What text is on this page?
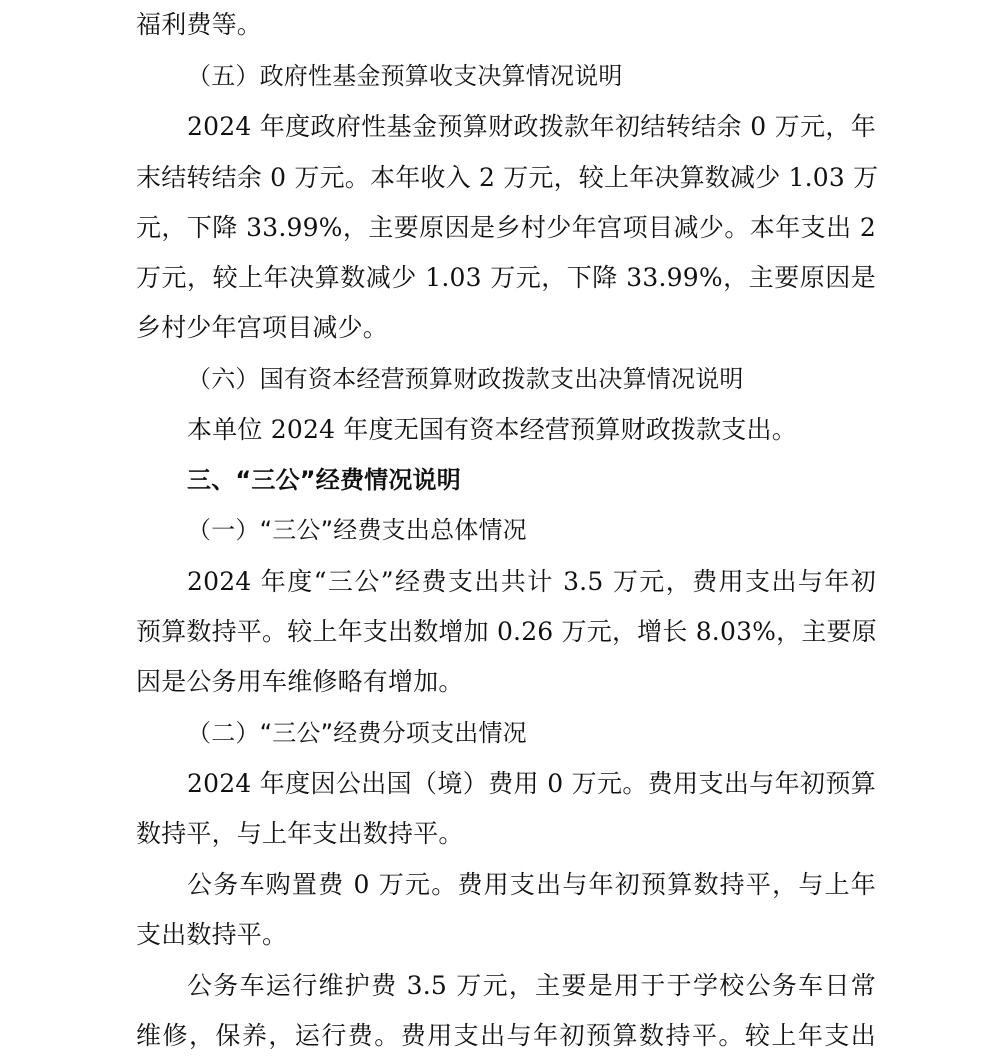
福利费等。
（五）政府性基金预算收支决算情况说明
2024 年度政府性基金预算财政拨款年初结转结余 0 万元，年
末结转结余 0 万元。本年收入 2 万元，较上年决算数减少 1.03 万
元，下降 33.99%，主要原因是乡村少年宫项目减少。本年支出 2
万元，较上年决算数减少 1.03 万元，下降 33.99%，主要原因是
乡村少年宫项目减少。
（六）国有资本经营预算财政拨款支出决算情况说明
本单位 2024 年度无国有资本经营预算财政拨款支出。
三、“三公”经费情况说明
（一）“三公”经费支出总体情况
2024 年度“三公”经费支出共计 3.5 万元，费用支出与年初
预算数持平。较上年支出数增加 0.26 万元，增长 8.03%，主要原
因是公务用车维修略有增加。
（二）“三公”经费分项支出情况
2024 年度因公出国（境）费用 0 万元。费用支出与年初预算
数持平，与上年支出数持平。
公务车购置费 0 万元。费用支出与年初预算数持平，与上年
支出数持平。
公务车运行维护费 3.5 万元，主要是用于于学校公务车日常
维修，保养，运行费。费用支出与年初预算数持平。较上年支出
